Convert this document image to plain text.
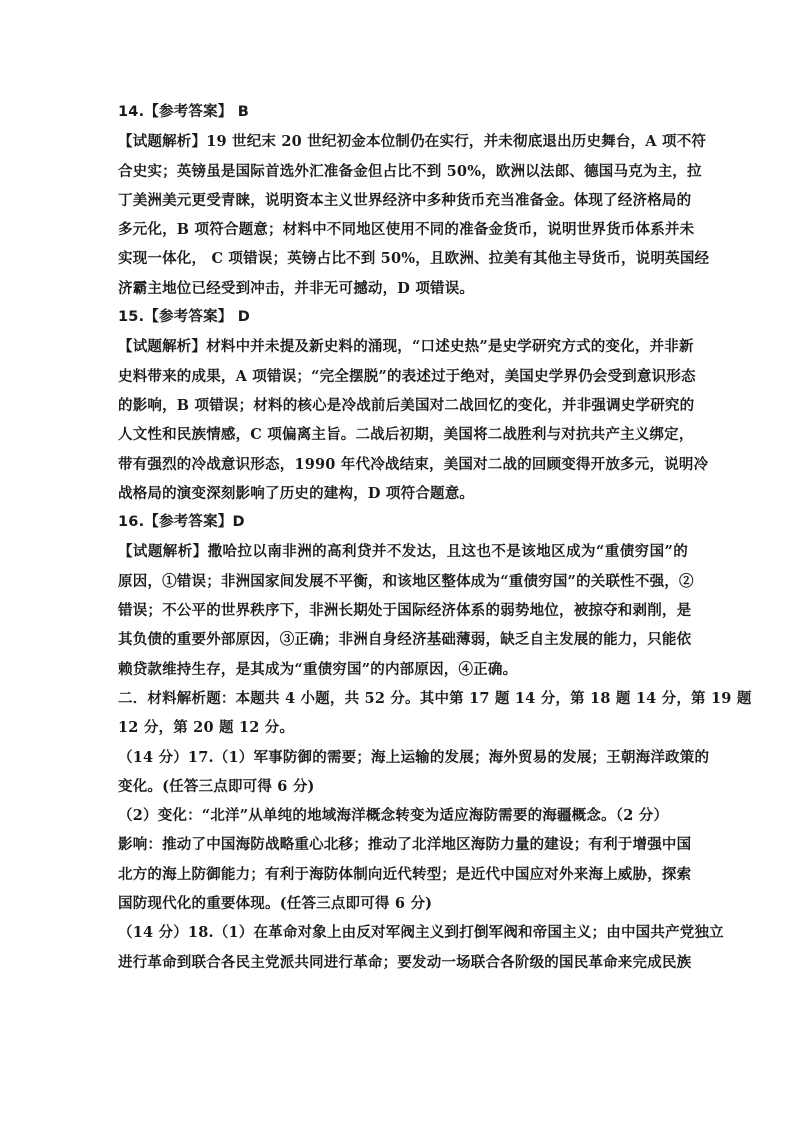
14.【参考答案】 B
【试题解析】19 世纪末 20 世纪初金本位制仍在实行，并未彻底退出历史舞台，A 项不符
合史实；英镑虽是国际首选外汇准备金但占比不到 50%，欧洲以法郎、德国马克为主，拉
丁美洲美元更受青睐，说明资本主义世界经济中多种货币充当准备金。体现了经济格局的
多元化，B 项符合题意；材料中不同地区使用不同的准备金货币，说明世界货币体系并未
实现一体化， C 项错误；英镑占比不到 50%，且欧洲、拉美有其他主导货币，说明英国经
济霸主地位已经受到冲击，并非无可撼动，D 项错误。
15.【参考答案】 D
【试题解析】材料中并未提及新史料的涌现，“口述史热”是史学研究方式的变化，并非新
史料带来的成果，A 项错误；“完全摆脱”的表述过于绝对，美国史学界仍会受到意识形态
的影响，B 项错误；材料的核心是冷战前后美国对二战回忆的变化，并非强调史学研究的
人文性和民族情感，C 项偏离主旨。二战后初期，美国将二战胜利与对抗共产主义绑定，
带有强烈的冷战意识形态，1990 年代冷战结束，美国对二战的回顾变得开放多元，说明冷
战格局的演变深刻影响了历史的建构，D 项符合题意。
16.【参考答案】D
【试题解析】撒哈拉以南非洲的高利贷并不发达，且这也不是该地区成为“重债穷国”的
原因，①错误；非洲国家间发展不平衡，和该地区整体成为“重债穷国”的关联性不强，②
错误；不公平的世界秩序下，非洲长期处于国际经济体系的弱势地位，被掠夺和剥削，是
其负债的重要外部原因，③正确；非洲自身经济基础薄弱，缺乏自主发展的能力，只能依
赖贷款维持生存，是其成为“重债穷国”的内部原因，④正确。
二．材料解析题：本题共 4 小题，共 52 分。其中第 17 题 14 分，第 18 题 14 分，第 19 题
12 分，第 20 题 12 分。
（14 分）17.（1）军事防御的需要；海上运输的发展；海外贸易的发展；王朝海洋政策的
变化。(任答三点即可得 6 分)
（2）变化：“北洋”从单纯的地域海洋概念转变为适应海防需要的海疆概念。（2 分）
影响：推动了中国海防战略重心北移；推动了北洋地区海防力量的建设；有利于增强中国
北方的海上防御能力；有利于海防体制向近代转型；是近代中国应对外来海上威胁，探索
国防现代化的重要体现。(任答三点即可得 6 分)
（14 分）18.（1）在革命对象上由反对军阀主义到打倒军阀和帝国主义；由中国共产党独立
进行革命到联合各民主党派共同进行革命；要发动一场联合各阶级的国民革命来完成民族
